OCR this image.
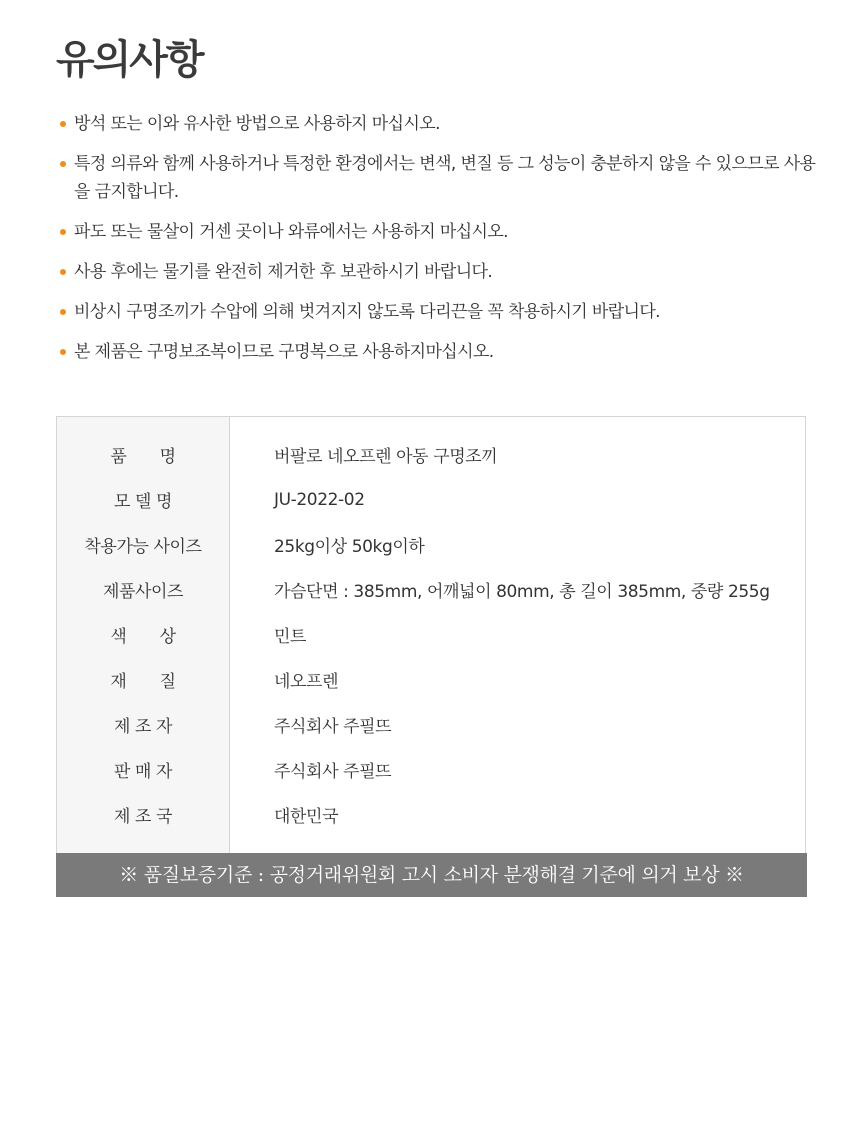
유의사항
방석 또는 이와 유사한 방법으로 사용하지 마십시오.
특정 의류와 함께 사용하거나 특정한 환경에서는 변색, 변질 등 그 성능이 충분하지 않을 수 있으므로 사용을 금지합니다.
파도 또는 물살이 거센 곳이나 와류에서는 사용하지 마십시오.
사용 후에는 물기를 완전히 제거한 후 보관하시기 바랍니다.
비상시 구명조끼가 수압에 의해 벗겨지지 않도록 다리끈을 꼭 착용하시기 바랍니다.
본 제품은 구명보조복이므로 구명복으로 사용하지마십시오.
품　　명	버팔로 네오프렌 아동 구명조끼
모 델 명	JU-2022-02
착용가능 사이즈	25kg이상 50kg이하
제품사이즈	가슴단면 : 385mm, 어깨넓이 80mm, 총 길이 385mm, 중량 255g
색　　상	민트
재　　질	네오프렌
제 조 자	주식회사 주필뜨
판 매 자	주식회사 주필뜨
제 조 국	대한민국
※ 품질보증기준 : 공정거래위원회 고시 소비자 분쟁해결 기준에 의거 보상 ※
